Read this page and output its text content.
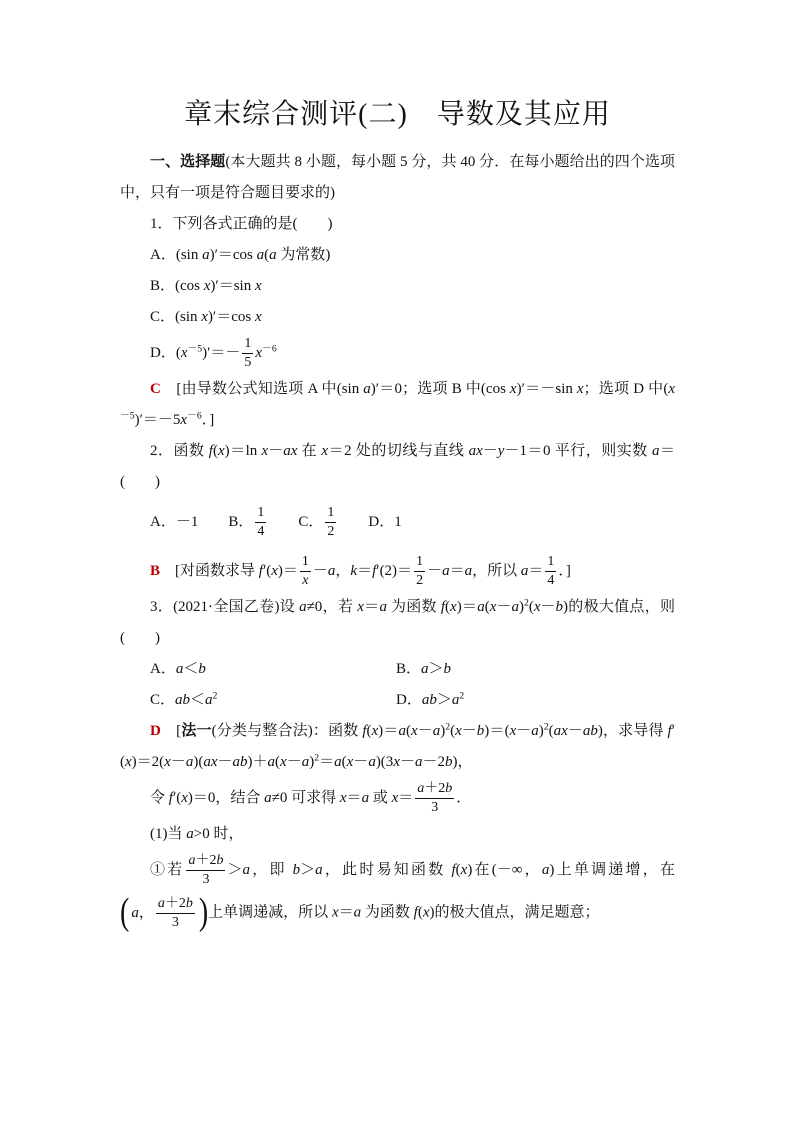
章末综合测评(二)　导数及其应用

一、选择题(本大题共 8 小题，每小题 5 分，共 40 分．在每小题给出的四个选项中，只有一项是符合题目要求的)

1．下列各式正确的是(　　)

A．(sin a)′＝cos a(a 为常数)

B．(cos x)′＝sin x

C．(sin x)′＝cos x

D．$(x^{-5})'=- \frac{1}{5} x^{-6}$

C　[由导数公式知选项 A 中(sin a)′＝0；选项 B 中(cos x)′＝－sin x；选项 D 中$(x^{-5})'=-5x^{-6}$．]

2．函数 f(x)＝ln x－ax 在 x＝2 处的切线与直线 ax－y－1＝0 平行，则实数 a＝(　　)

A．－1 B． $\frac{1}{4}$ C． $\frac{1}{2}$ D．1

B　[对函数求导 $f'(x)= \frac{1}{x} -a$，$k=f'(2)= \frac{1}{2} -a=a$，所以 $a= \frac{1}{4}$ ．]

3．(2021·全国乙卷)设 a≠0，若 x＝a 为函数 $f(x)=a(x-a)^2(x-b)$的极大值点，则(　　)

A．a＜b	B．a＞b
C．$ab<a^2$	D．$ab>a^2$

D　[法一(分类与整合法)：函数 $f(x)=a(x-a)^2(x-b)=(x-a)^2(ax-ab)$，求导得 $f'(x)=2(x-a)(ax-ab)+a(x-a)^2=a(x-a)(3x-a-2b)$，

令 f′(x)＝0，结合 a≠0 可求得 x＝a 或 $x= \frac{a+2b}{3}$ ．

(1)当 a>0 时，

①若 $\frac{a+2b}{3} >a$，即 b＞a，此时易知函数 f(x)在(－∞，a)上单调递增，在
( a ， $\frac{a+2b}{3}$ ) 上单调递减，所以 x＝a 为函数 f(x)的极大值点，满足题意；
